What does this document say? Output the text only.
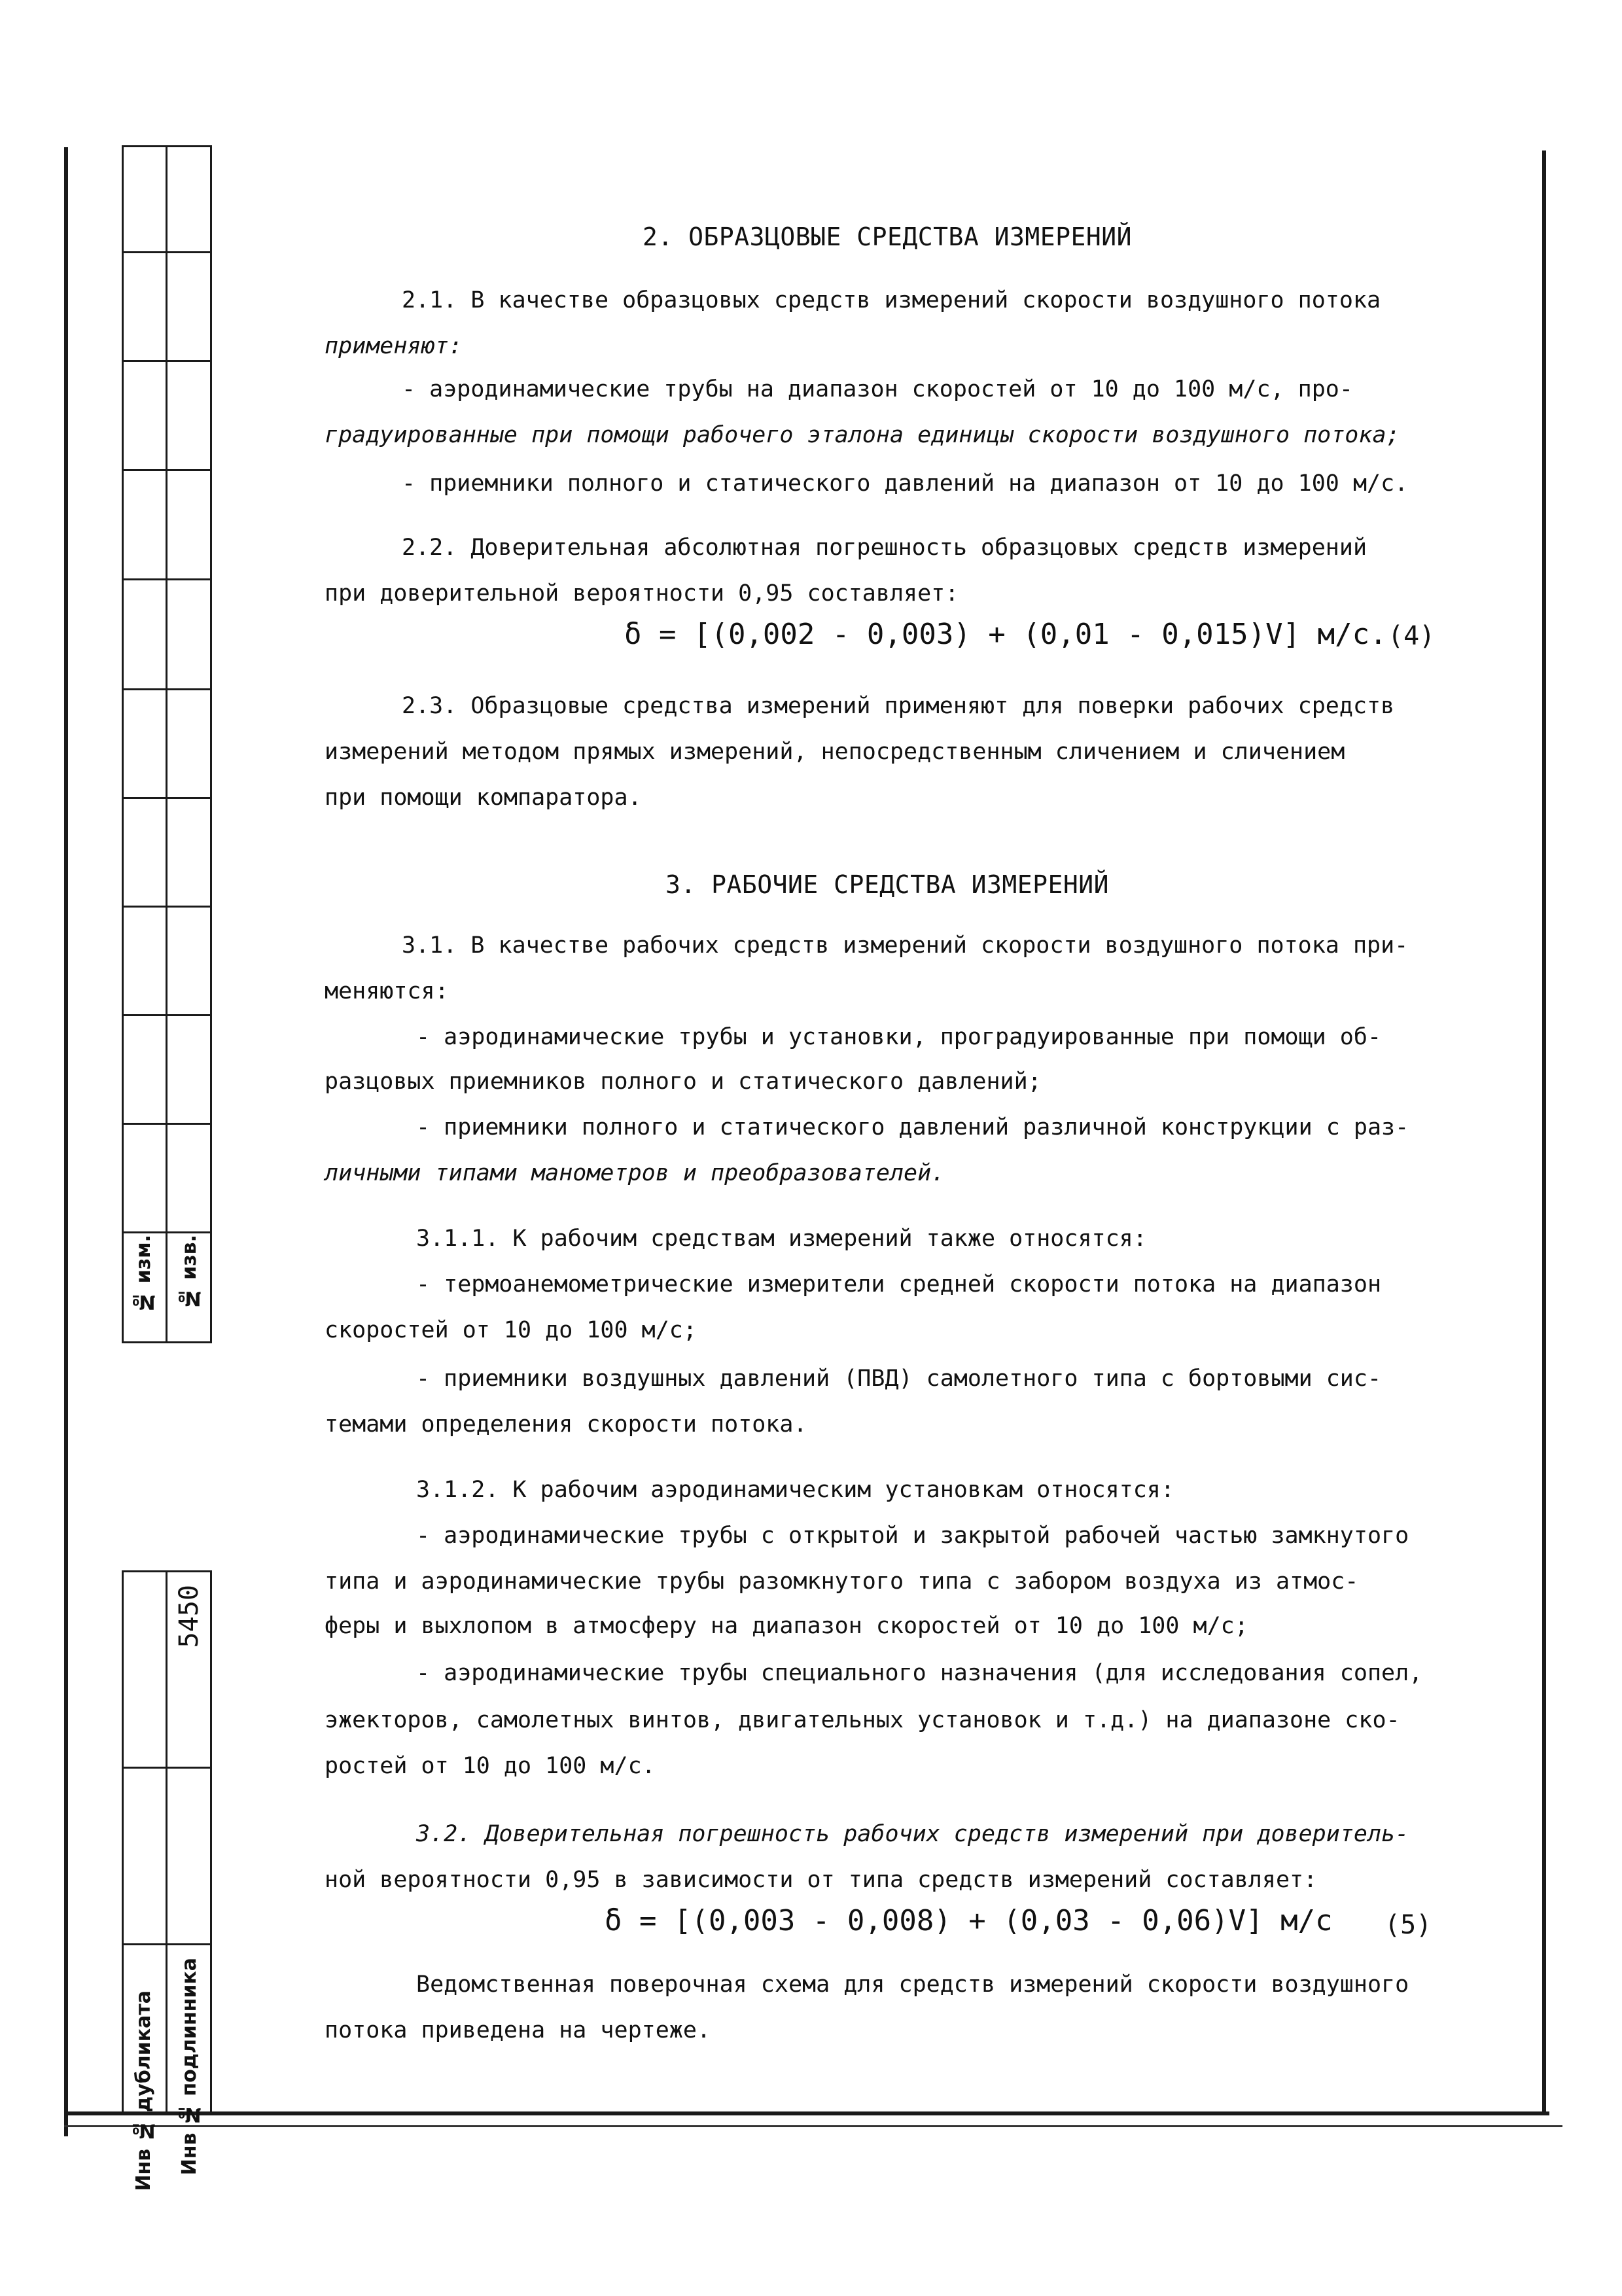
№ изм. № изв.
5450
Инв № дубликата Инв № подлинника
2. ОБРАЗЦОВЫЕ СРЕДСТВА ИЗМЕРЕНИЙ
2.1. В качестве образцовых средств измерений скорости воздушного потока
применяют:
- аэродинамические трубы на диапазон скоростей от 10 до 100 м/с, про-
градуированные при помощи рабочего эталона единицы скорости воздушного потока;
- приемники полного и статического давлений на диапазон от 10 до 100 м/с.
2.2. Доверительная абсолютная погрешность образцовых средств измерений
при доверительной вероятности 0,95 составляет:
δ = [(0,002 - 0,003) + (0,01 - 0,015)V] м/с. (4)
2.3. Образцовые средства измерений применяют для поверки рабочих средств
измерений методом прямых измерений, непосредственным сличением и сличением
при помощи компаратора.
3. РАБОЧИЕ СРЕДСТВА ИЗМЕРЕНИЙ
3.1. В качестве рабочих средств измерений скорости воздушного потока при-
меняются:
- аэродинамические трубы и установки, проградуированные при помощи об-
разцовых приемников полного и статического давлений;
- приемники полного и статического давлений различной конструкции с раз-
личными типами манометров и преобразователей.
3.1.1. К рабочим средствам измерений также относятся:
- термоанемометрические измерители средней скорости потока на диапазон
скоростей от 10 до 100 м/с;
- приемники воздушных давлений (ПВД) самолетного типа с бортовыми сис-
темами определения скорости потока.
3.1.2. К рабочим аэродинамическим установкам относятся:
- аэродинамические трубы с открытой и закрытой рабочей частью замкнутого
типа и аэродинамические трубы разомкнутого типа с забором воздуха из атмос-
феры и выхлопом в атмосферу на диапазон скоростей от 10 до 100 м/с;
- аэродинамические трубы специального назначения (для исследования сопел,
эжекторов, самолетных винтов, двигательных установок и т.д.) на диапазоне ско-
ростей от 10 до 100 м/с.
3.2. Доверительная погрешность рабочих средств измерений при доверитель-
ной вероятности 0,95 в зависимости от типа средств измерений составляет:
δ = [(0,003 - 0,008) + (0,03 - 0,06)V] м/с (5)
Ведомственная поверочная схема для средств измерений скорости воздушного
потока приведена на чертеже.
